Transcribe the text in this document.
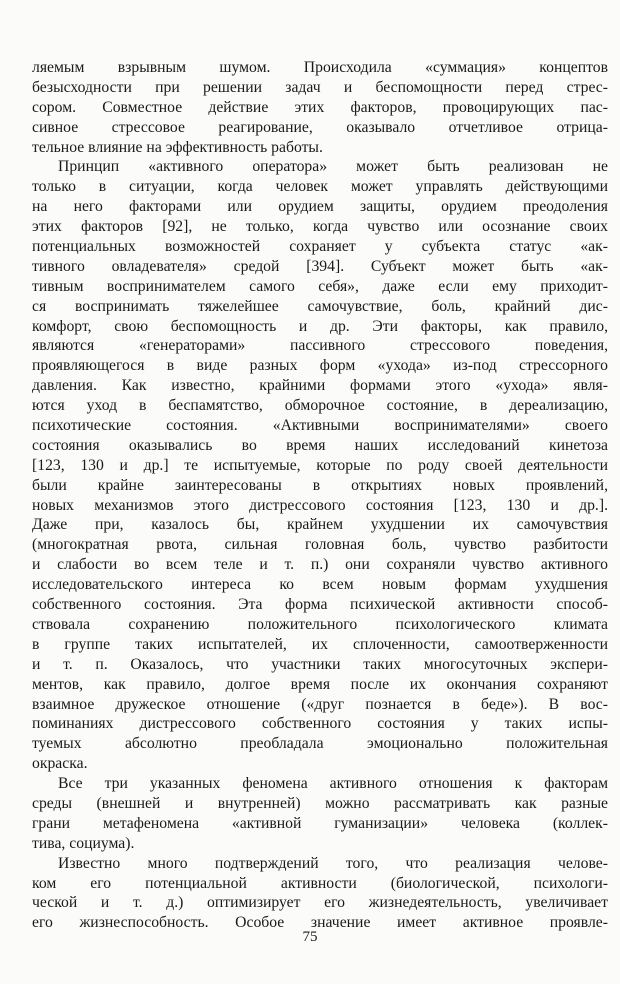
ляемым взрывным шумом. Происходила «суммация» концептов
безысходности при решении задач и беспомощности перед стрес-
сором. Совместное действие этих факторов, провоцирующих пас-
сивное стрессовое реагирование, оказывало отчетливое отрица-
тельное влияние на эффективность работы.
Принцип «активного оператора» может быть реализован не
только в ситуации, когда человек может управлять действующими
на него факторами или орудием защиты, орудием преодоления
этих факторов [92], не только, когда чувство или осознание своих
потенциальных возможностей сохраняет у субъекта статус «ак-
тивного овладевателя» средой [394]. Субъект может быть «ак-
тивным воспринимателем самого себя», даже если ему приходит-
ся воспринимать тяжелейшее самочувствие, боль, крайний дис-
комфорт, свою беспомощность и др. Эти факторы, как правило,
являются «генераторами» пассивного стрессового поведения,
проявляющегося в виде разных форм «ухода» из-под стрессорного
давления. Как известно, крайними формами этого «ухода» явля-
ются уход в беспамятство, обморочное состояние, в дереализацию,
психотические состояния. «Активными воспринимателями» своего
состояния оказывались во время наших исследований кинетоза
[123, 130 и др.] те испытуемые, которые по роду своей деятельности
были крайне заинтересованы в открытиях новых проявлений,
новых механизмов этого дистрессового состояния [123, 130 и др.].
Даже при, казалось бы, крайнем ухудшении их самочувствия
(многократная рвота, сильная головная боль, чувство разбитости
и слабости во всем теле и т. п.) они сохраняли чувство активного
исследовательского интереса ко всем новым формам ухудшения
собственного состояния. Эта форма психической активности способ-
ствовала сохранению положительного психологического климата
в группе таких испытателей, их сплоченности, самоотверженности
и т. п. Оказалось, что участники таких многосуточных экспери-
ментов, как правило, долгое время после их окончания сохраняют
взаимное дружеское отношение («друг познается в беде»). В вос-
поминаниях дистрессового собственного состояния у таких испы-
туемых абсолютно преобладала эмоционально положительная
окраска.
Все три указанных феномена активного отношения к факторам
среды (внешней и внутренней) можно рассматривать как разные
грани метафеномена «активной гуманизации» человека (коллек-
тива, социума).
Известно много подтверждений того, что реализация челове-
ком его потенциальной активности (биологической, психологи-
ческой и т. д.) оптимизирует его жизнедеятельность, увеличивает
его жизнеспособность. Особое значение имеет активное проявле-
75
